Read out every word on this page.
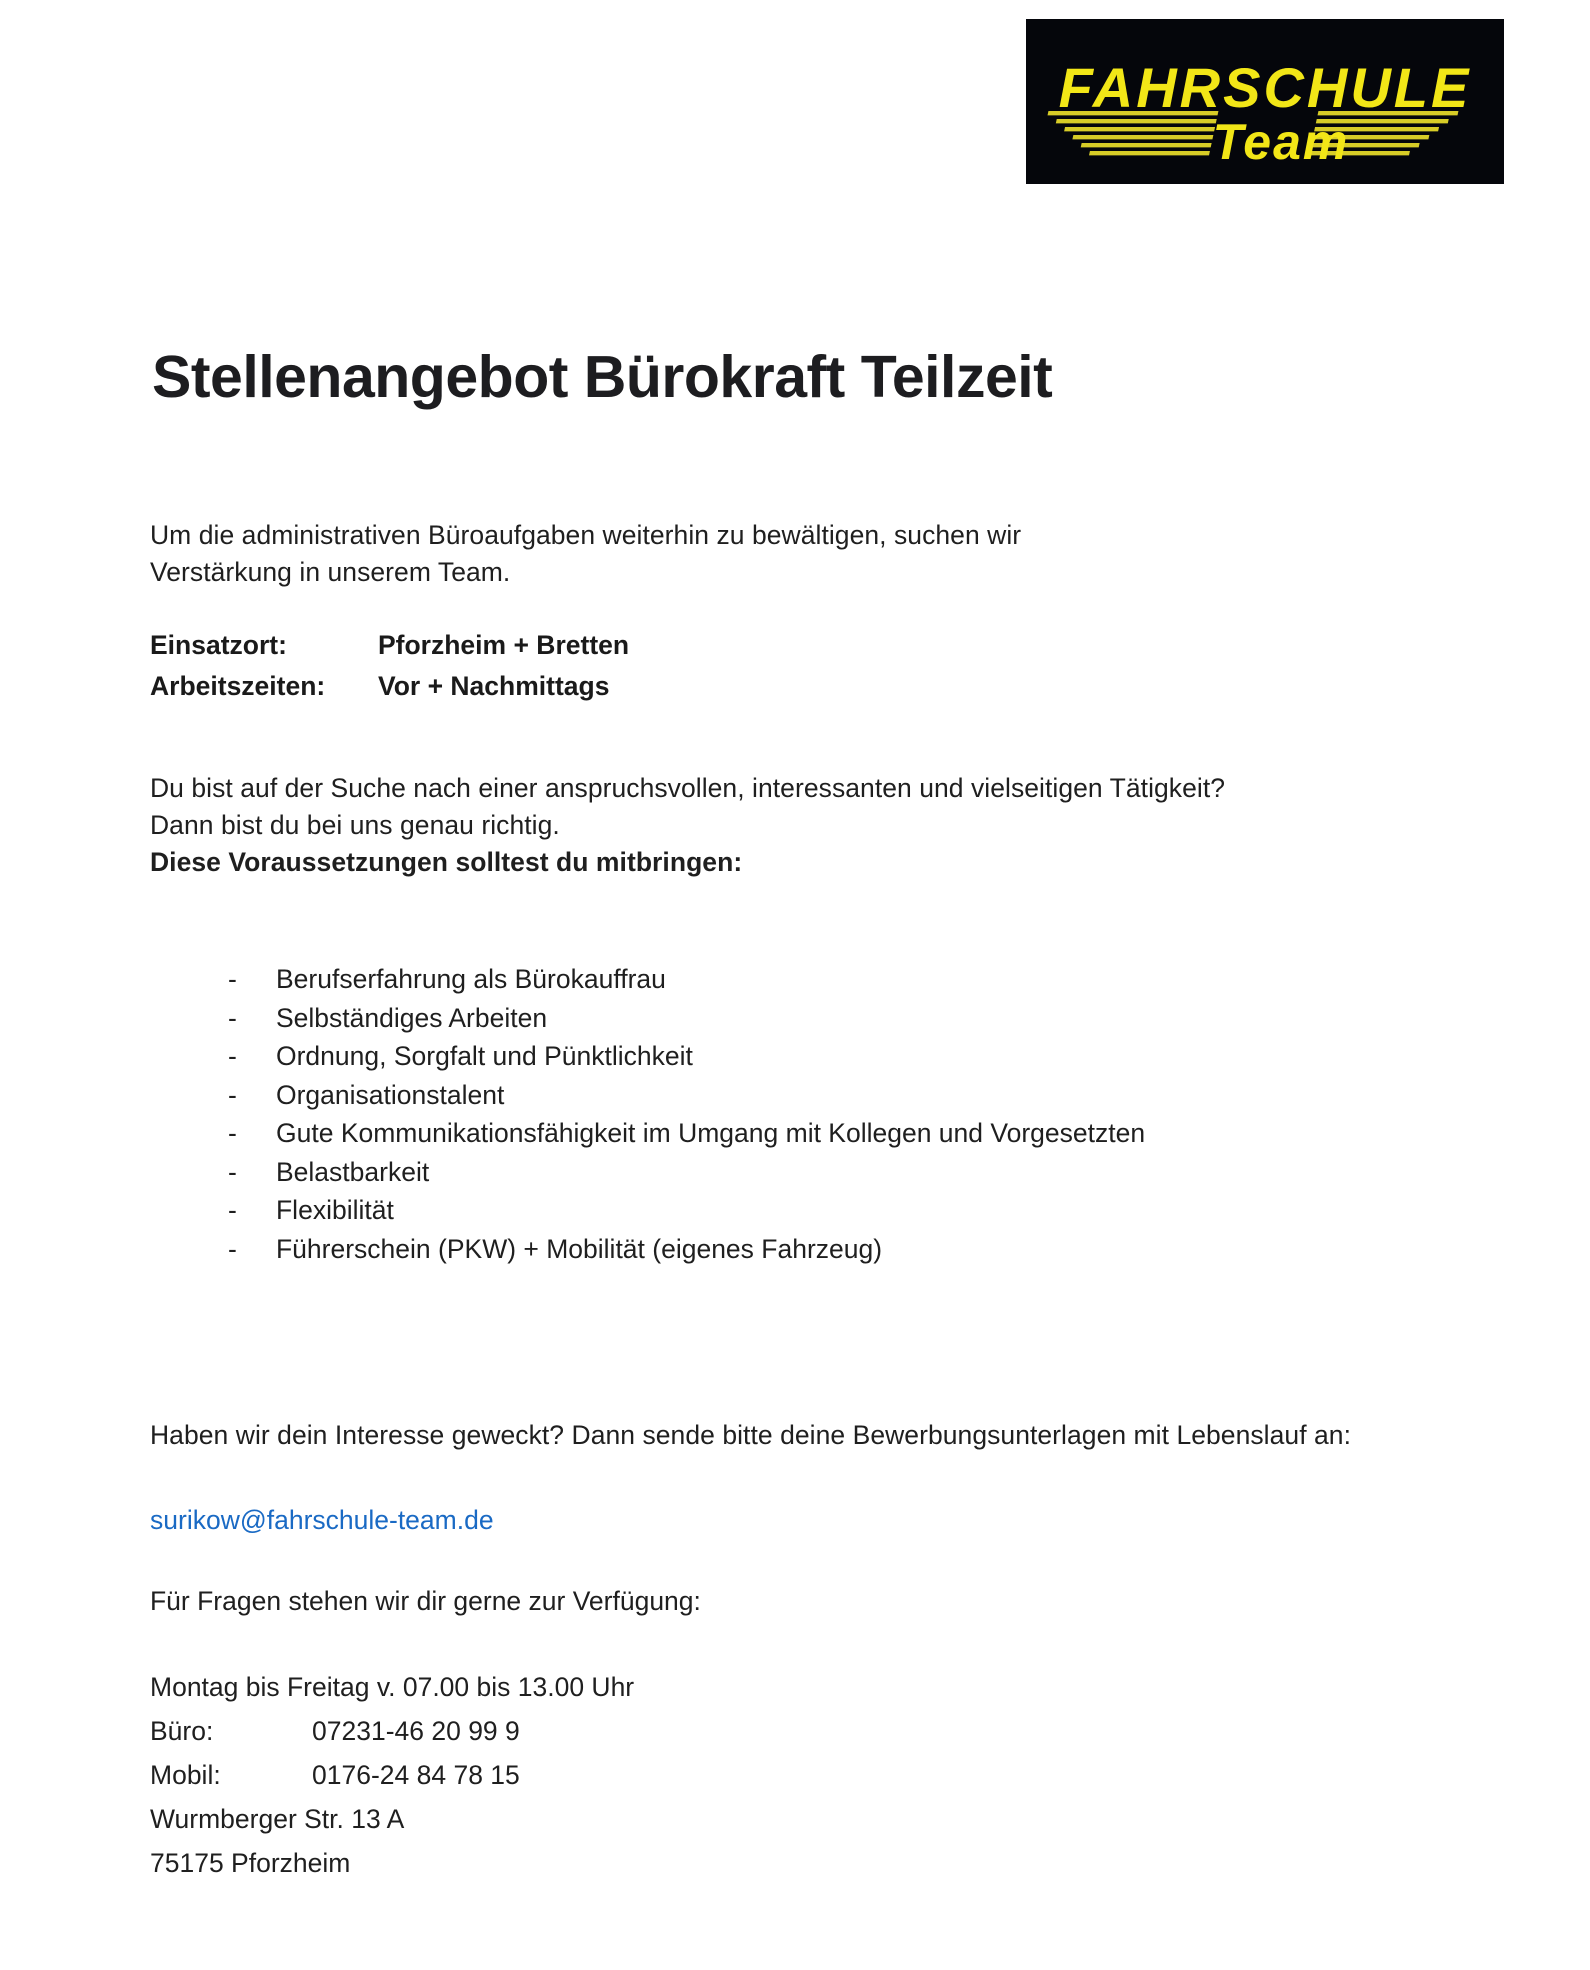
FAHRSCHULE
Team
Stellenangebot Bürokraft Teilzeit

Um die administrativen Büroaufgaben weiterhin zu bewältigen, suchen wir Verstärkung in unserem Team.

Einsatzort:	Pforzheim + Bretten
Arbeitszeiten:	Vor + Nachmittags
Du bist auf der Suche nach einer anspruchsvollen, interessanten und vielseitigen Tätigkeit? Dann bist du bei uns genau richtig.
Diese Voraussetzungen solltest du mitbringen:
-	Berufserfahrung als Bürokauffrau
-	Selbständiges Arbeiten
-	Ordnung, Sorgfalt und Pünktlichkeit
-	Organisationstalent
-	Gute Kommunikationsfähigkeit im Umgang mit Kollegen und Vorgesetzten
-	Belastbarkeit
-	Flexibilität
-	Führerschein (PKW) + Mobilität (eigenes Fahrzeug)

Haben wir dein Interesse geweckt? Dann sende bitte deine Bewerbungsunterlagen mit Lebenslauf an:

surikow@fahrschule-team.de

Für Fragen stehen wir dir gerne zur Verfügung:

Montag bis Freitag v. 07.00 bis 13.00 Uhr
Büro:	07231-46 20 99 9
Mobil:	0176-24 84 78 15
Wurmberger Str. 13 A
75175 Pforzheim
